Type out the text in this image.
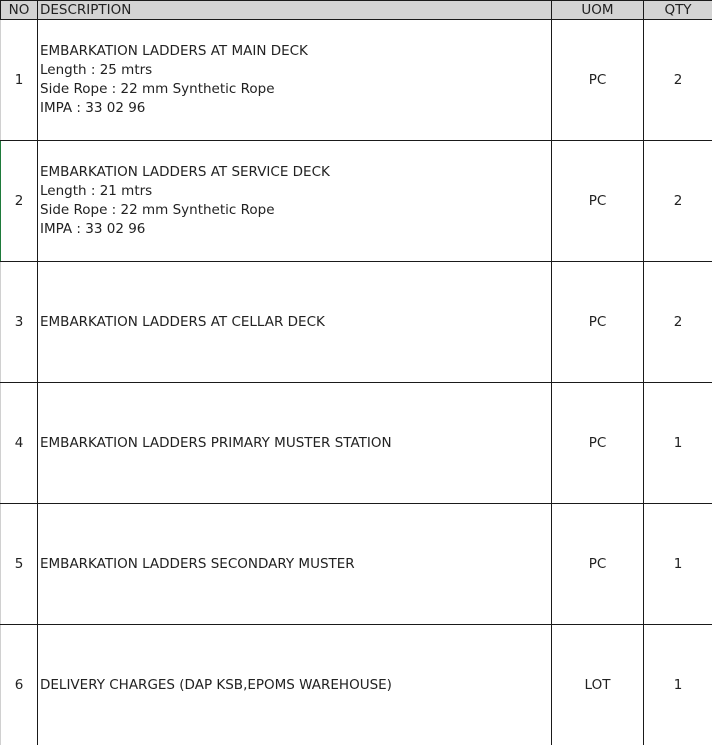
NO	DESCRIPTION	UOM	QTY
1	EMBARKATION LADDERS AT MAIN DECK
Length : 25 mtrs
Side Rope : 22 mm Synthetic Rope
IMPA : 33 02 96	PC	2
2	EMBARKATION LADDERS AT SERVICE DECK
Length : 21 mtrs
Side Rope : 22 mm Synthetic Rope
IMPA : 33 02 96	PC	2
3	EMBARKATION LADDERS AT CELLAR DECK	PC	2
4	EMBARKATION LADDERS PRIMARY MUSTER STATION	PC	1
5	EMBARKATION LADDERS SECONDARY MUSTER	PC	1
6	DELIVERY CHARGES (DAP KSB,EPOMS WAREHOUSE)	LOT	1
